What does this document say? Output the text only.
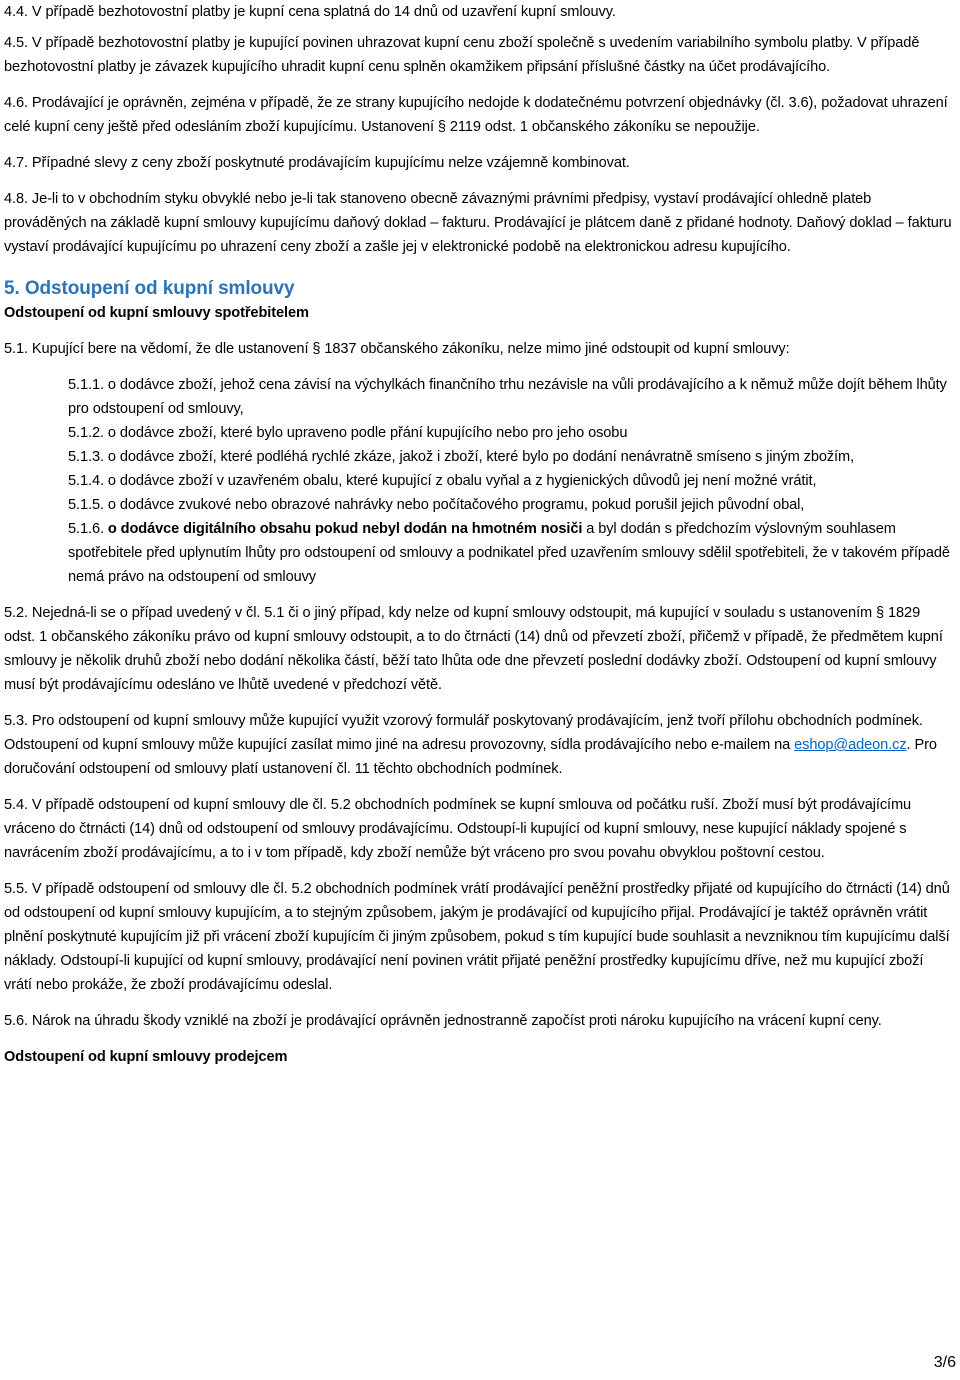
4.4. V případě bezhotovostní platby je kupní cena splatná do 14 dnů od uzavření kupní smlouvy.

4.5. V případě bezhotovostní platby je kupující povinen uhrazovat kupní cenu zboží společně s uvedením variabilního symbolu platby. V případě bezhotovostní platby je závazek kupujícího uhradit kupní cenu splněn okamžikem připsání příslušné částky na účet prodávajícího.

4.6. Prodávající je oprávněn, zejména v případě, že ze strany kupujícího nedojde k dodatečnému potvrzení objednávky (čl. 3.6), požadovat uhrazení celé kupní ceny ještě před odesláním zboží kupujícímu. Ustanovení § 2119 odst. 1 občanského zákoníku se nepoužije.

4.7. Případné slevy z ceny zboží poskytnuté prodávajícím kupujícímu nelze vzájemně kombinovat.

4.8. Je-li to v obchodním styku obvyklé nebo je-li tak stanoveno obecně závaznými právními předpisy, vystaví prodávající ohledně plateb prováděných na základě kupní smlouvy kupujícímu daňový doklad – fakturu. Prodávající je plátcem daně z přidané hodnoty. Daňový doklad – fakturu vystaví prodávající kupujícímu po uhrazení ceny zboží a zašle jej v elektronické podobě na elektronickou adresu kupujícího.

5. Odstoupení od kupní smlouvy

Odstoupení od kupní smlouvy spotřebitelem

5.1. Kupující bere na vědomí, že dle ustanovení § 1837 občanského zákoníku, nelze mimo jiné odstoupit od kupní smlouvy:

5.1.1. o dodávce zboží, jehož cena závisí na výchylkách finančního trhu nezávisle na vůli prodávajícího a k němuž může dojít během lhůty pro odstoupení od smlouvy,

5.1.2. o dodávce zboží, které bylo upraveno podle přání kupujícího nebo pro jeho osobu

5.1.3. o dodávce zboží, které podléhá rychlé zkáze, jakož i zboží, které bylo po dodání nenávratně smíseno s jiným zbožím,

5.1.4. o dodávce zboží v uzavřeném obalu, které kupující z obalu vyňal a z hygienických důvodů jej není možné vrátit,

5.1.5. o dodávce zvukové nebo obrazové nahrávky nebo počítačového programu, pokud porušil jejich původní obal,

5.1.6. o dodávce digitálního obsahu pokud nebyl dodán na hmotném nosiči a byl dodán s předchozím výslovným souhlasem spotřebitele před uplynutím lhůty pro odstoupení od smlouvy a podnikatel před uzavřením smlouvy sdělil spotřebiteli, že v takovém případě nemá právo na odstoupení od smlouvy

5.2. Nejedná-li se o případ uvedený v čl. 5.1 či o jiný případ, kdy nelze od kupní smlouvy odstoupit, má kupující v souladu s ustanovením § 1829 odst. 1 občanského zákoníku právo od kupní smlouvy odstoupit, a to do čtrnácti (14) dnů od převzetí zboží, přičemž v případě, že předmětem kupní smlouvy je několik druhů zboží nebo dodání několika částí, běží tato lhůta ode dne převzetí poslední dodávky zboží. Odstoupení od kupní smlouvy musí být prodávajícímu odesláno ve lhůtě uvedené v předchozí větě.

5.3. Pro odstoupení od kupní smlouvy může kupující využit vzorový formulář poskytovaný prodávajícím, jenž tvoří přílohu obchodních podmínek. Odstoupení od kupní smlouvy může kupující zasílat mimo jiné na adresu provozovny, sídla prodávajícího nebo e-mailem na eshop@adeon.cz. Pro doručování odstoupení od smlouvy platí ustanovení čl. 11 těchto obchodních podmínek.

5.4. V případě odstoupení od kupní smlouvy dle čl. 5.2 obchodních podmínek se kupní smlouva od počátku ruší. Zboží musí být prodávajícímu vráceno do čtrnácti (14) dnů od odstoupení od smlouvy prodávajícímu. Odstoupí-li kupující od kupní smlouvy, nese kupující náklady spojené s navrácením zboží prodávajícímu, a to i v tom případě, kdy zboží nemůže být vráceno pro svou povahu obvyklou poštovní cestou.

5.5. V případě odstoupení od smlouvy dle čl. 5.2 obchodních podmínek vrátí prodávající peněžní prostředky přijaté od kupujícího do čtrnácti (14) dnů od odstoupení od kupní smlouvy kupujícím, a to stejným způsobem, jakým je prodávající od kupujícího přijal. Prodávající je taktéž oprávněn vrátit plnění poskytnuté kupujícím již při vrácení zboží kupujícím či jiným způsobem, pokud s tím kupující bude souhlasit a nevzniknou tím kupujícímu další náklady. Odstoupí-li kupující od kupní smlouvy, prodávající není povinen vrátit přijaté peněžní prostředky kupujícímu dříve, než mu kupující zboží vrátí nebo prokáže, že zboží prodávajícímu odeslal.

5.6. Nárok na úhradu škody vzniklé na zboží je prodávající oprávněn jednostranně započíst proti nároku kupujícího na vrácení kupní ceny.

Odstoupení od kupní smlouvy prodejcem

3/6
